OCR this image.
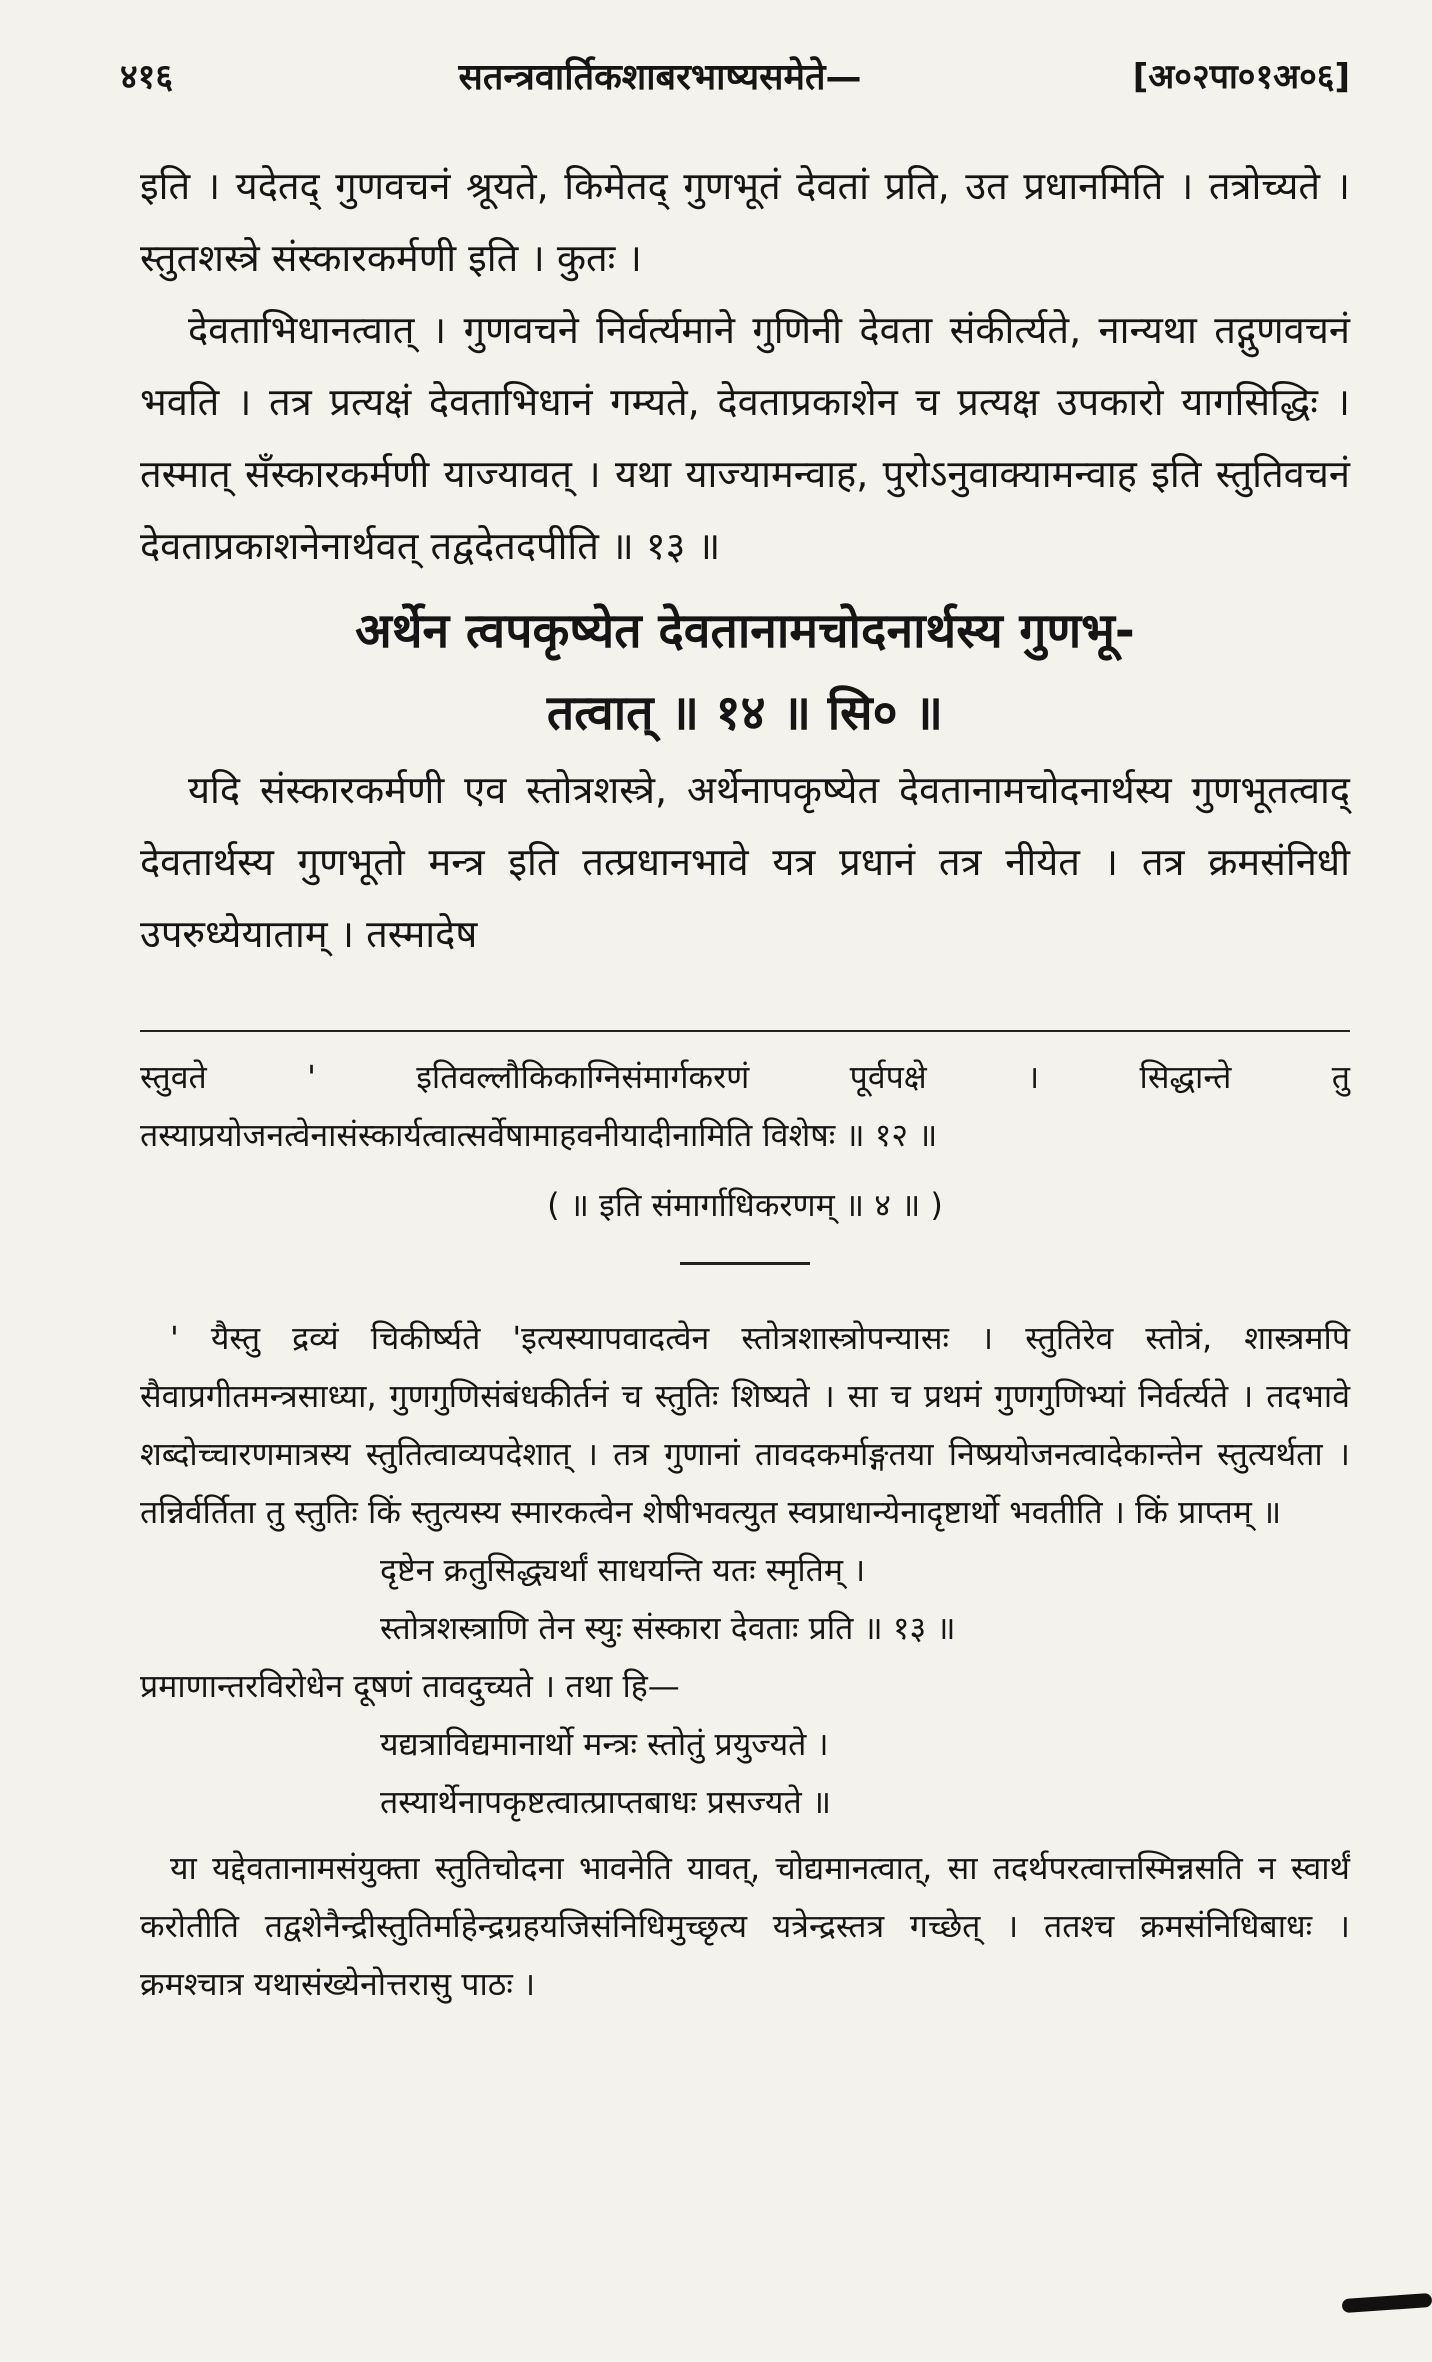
४१६	सतन्त्रवार्तिकशाबरभाष्यसमेते—	[अ०२पा०१अ०६]

इति । यदेतद् गुणवचनं श्रूयते, किमेतद् गुणभूतं देवतां प्रति, उत प्रधानमिति । तत्रोच्यते । स्तुतशस्त्रे संस्कारकर्मणी इति । कुतः ।

देवताभिधानत्वात् । गुणवचने निर्वर्त्यमाने गुणिनी देवता संकीर्त्यते, नान्यथा तद्गुणवचनं भवति । तत्र प्रत्यक्षं देवताभिधानं गम्यते, देवताप्रकाशेन च प्रत्यक्ष उपकारो यागसिद्धिः । तस्मात् सँस्कारकर्मणी याज्यावत् । यथा याज्यामन्वाह, पुरोऽनुवाक्यामन्वाह इति स्तुतिवचनं देवताप्रकाशनेनार्थवत् तद्वदेतदपीति ॥ १३ ॥

अर्थेन त्वपकृष्येत देवतानामचोदनार्थस्य गुणभू-

तत्वात् ॥ १४ ॥ सि० ॥

यदि संस्कारकर्मणी एव स्तोत्रशस्त्रे, अर्थेनापकृष्येत देवतानामचोदनार्थस्य गुणभूतत्वाद् देवतार्थस्य गुणभूतो मन्त्र इति तत्प्रधानभावे यत्र प्रधानं तत्र नीयेत । तत्र क्रमसंनिधी उपरुध्येयाताम् । तस्मादेष

स्तुवते ' इतिवल्लौकिकाग्निसंमार्गकरणं पूर्वपक्षे । सिद्धान्ते तु तस्याप्रयोजनत्वेनासंस्कार्यत्वात्सर्वेषामाहवनीयादीनामिति विशेषः ॥ १२ ॥

( ॥ इति संमार्गाधिकरणम् ॥ ४ ॥ )

' यैस्तु द्रव्यं चिकीर्ष्यते 'इत्यस्यापवादत्वेन स्तोत्रशास्त्रोपन्यासः । स्तुतिरेव स्तोत्रं, शास्त्रमपि सैवाप्रगीतमन्त्रसाध्या, गुणगुणिसंबंधकीर्तनं च स्तुतिः शिष्यते । सा च प्रथमं गुणगुणिभ्यां निर्वर्त्यते । तदभावे शब्दोच्चारणमात्रस्य स्तुतित्वाव्यपदेशात् । तत्र गुणानां तावदकर्माङ्गतया निष्प्रयोजनत्वादेकान्तेन स्तुत्यर्थता । तन्निर्वर्तिता तु स्तुतिः किं स्तुत्यस्य स्मारकत्वेन शेषीभवत्युत स्वप्राधान्येनादृष्टार्थो भवतीति । किं प्राप्तम् ॥

दृष्टेन क्रतुसिद्ध्यर्थां साधयन्ति यतः स्मृतिम् ।

स्तोत्रशस्त्राणि तेन स्युः संस्कारा देवताः प्रति ॥ १३ ॥

प्रमाणान्तरविरोधेन दूषणं तावदुच्यते । तथा हि—

यद्यत्राविद्यमानार्थो मन्त्रः स्तोतुं प्रयुज्यते ।

तस्यार्थेनापकृष्टत्वात्प्राप्तबाधः प्रसज्यते ॥

या यद्देवतानामसंयुक्ता स्तुतिचोदना भावनेति यावत्, चोद्यमानत्वात्, सा तदर्थपरत्वात्तस्मिन्नसति न स्वार्थं करोतीति तद्वशेनैन्द्रीस्तुतिर्माहेन्द्रग्रहयजिसंनिधिमुच्छृत्य यत्रेन्द्रस्तत्र गच्छेत् । ततश्च क्रमसंनिधिबाधः । क्रमश्चात्र यथासंख्येनोत्तरासु पाठः ।
